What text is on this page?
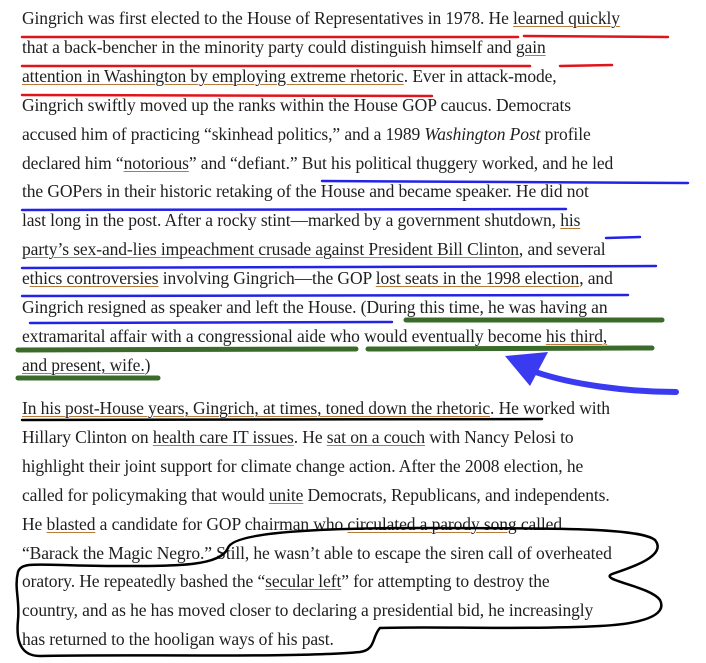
Gingrich was first elected to the House of Representatives in 1978. He learned quickly
that a back-bencher in the minority party could distinguish himself and gain
attention in Washington by employing extreme rhetoric. Ever in attack-mode,
Gingrich swiftly moved up the ranks within the House GOP caucus. Democrats
accused him of practicing “skinhead politics,” and a 1989 Washington Post profile
declared him “notorious” and “defiant.” But his political thuggery worked, and he led
the GOPers in their historic retaking of the House and became speaker. He did not
last long in the post. After a rocky stint—marked by a government shutdown, his
party’s sex-and-lies impeachment crusade against President Bill Clinton, and several
ethics controversies involving Gingrich—the GOP lost seats in the 1998 election, and
Gingrich resigned as speaker and left the House. (During this time, he was having an
extramarital affair with a congressional aide who would eventually become his third,
and present, wife.)
In his post-House years, Gingrich, at times, toned down the rhetoric. He worked with
Hillary Clinton on health care IT issues. He sat on a couch with Nancy Pelosi to
highlight their joint support for climate change action. After the 2008 election, he
called for policymaking that would unite Democrats, Republicans, and independents.
He blasted a candidate for GOP chairman who circulated a parody song called
“Barack the Magic Negro.” Still, he wasn’t able to escape the siren call of overheated
oratory. He repeatedly bashed the “secular left” for attempting to destroy the
country, and as he has moved closer to declaring a presidential bid, he increasingly
has returned to the hooligan ways of his past.
